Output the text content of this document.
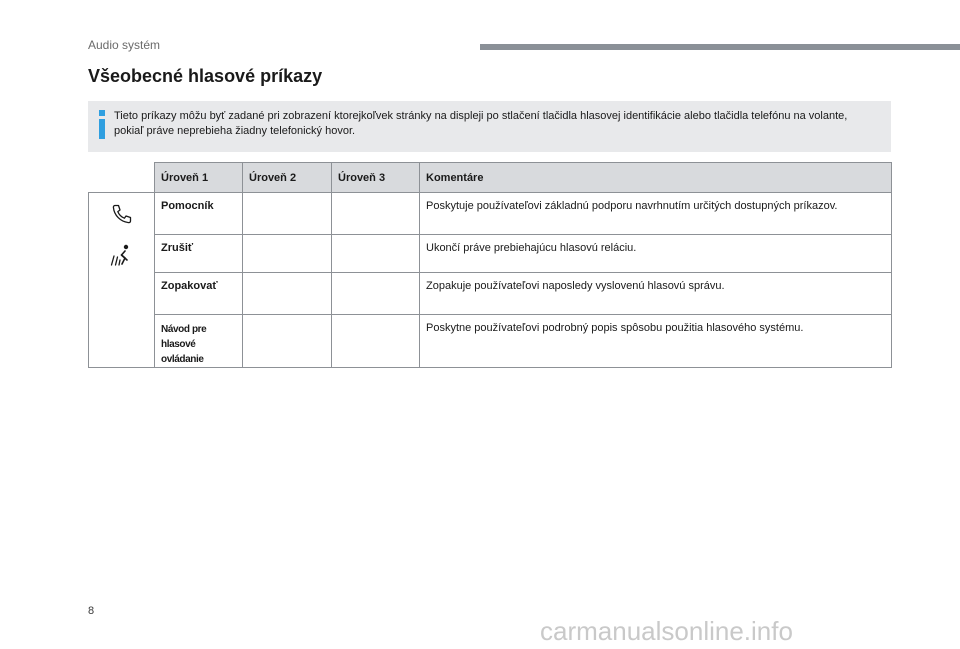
Audio systém
Všeobecné hlasové príkazy
Tieto príkazy môžu byť zadané pri zobrazení ktorejkoľvek stránky na displeji po stlačení tlačidla hlasovej identifikácie alebo tlačidla telefónu na volante, pokiaľ práve neprebieha žiadny telefonický hovor.
	Úroveň 1	Úroveň 2	Úroveň 3	Komentáre

	Pomocník			Poskytuje používateľovi základnú podporu navrhnutím určitých dostupných príkazov.
	Zrušiť			Ukončí práve prebiehajúcu hlasovú reláciu.
	Zopakovať			Zopakuje používateľovi naposledy vyslovenú hlasovú správu.
	Návod pre
hlasové ovládanie			Poskytne používateľovi podrobný popis spôsobu použitia hlasového systému.
8
carmanualsonline.info
